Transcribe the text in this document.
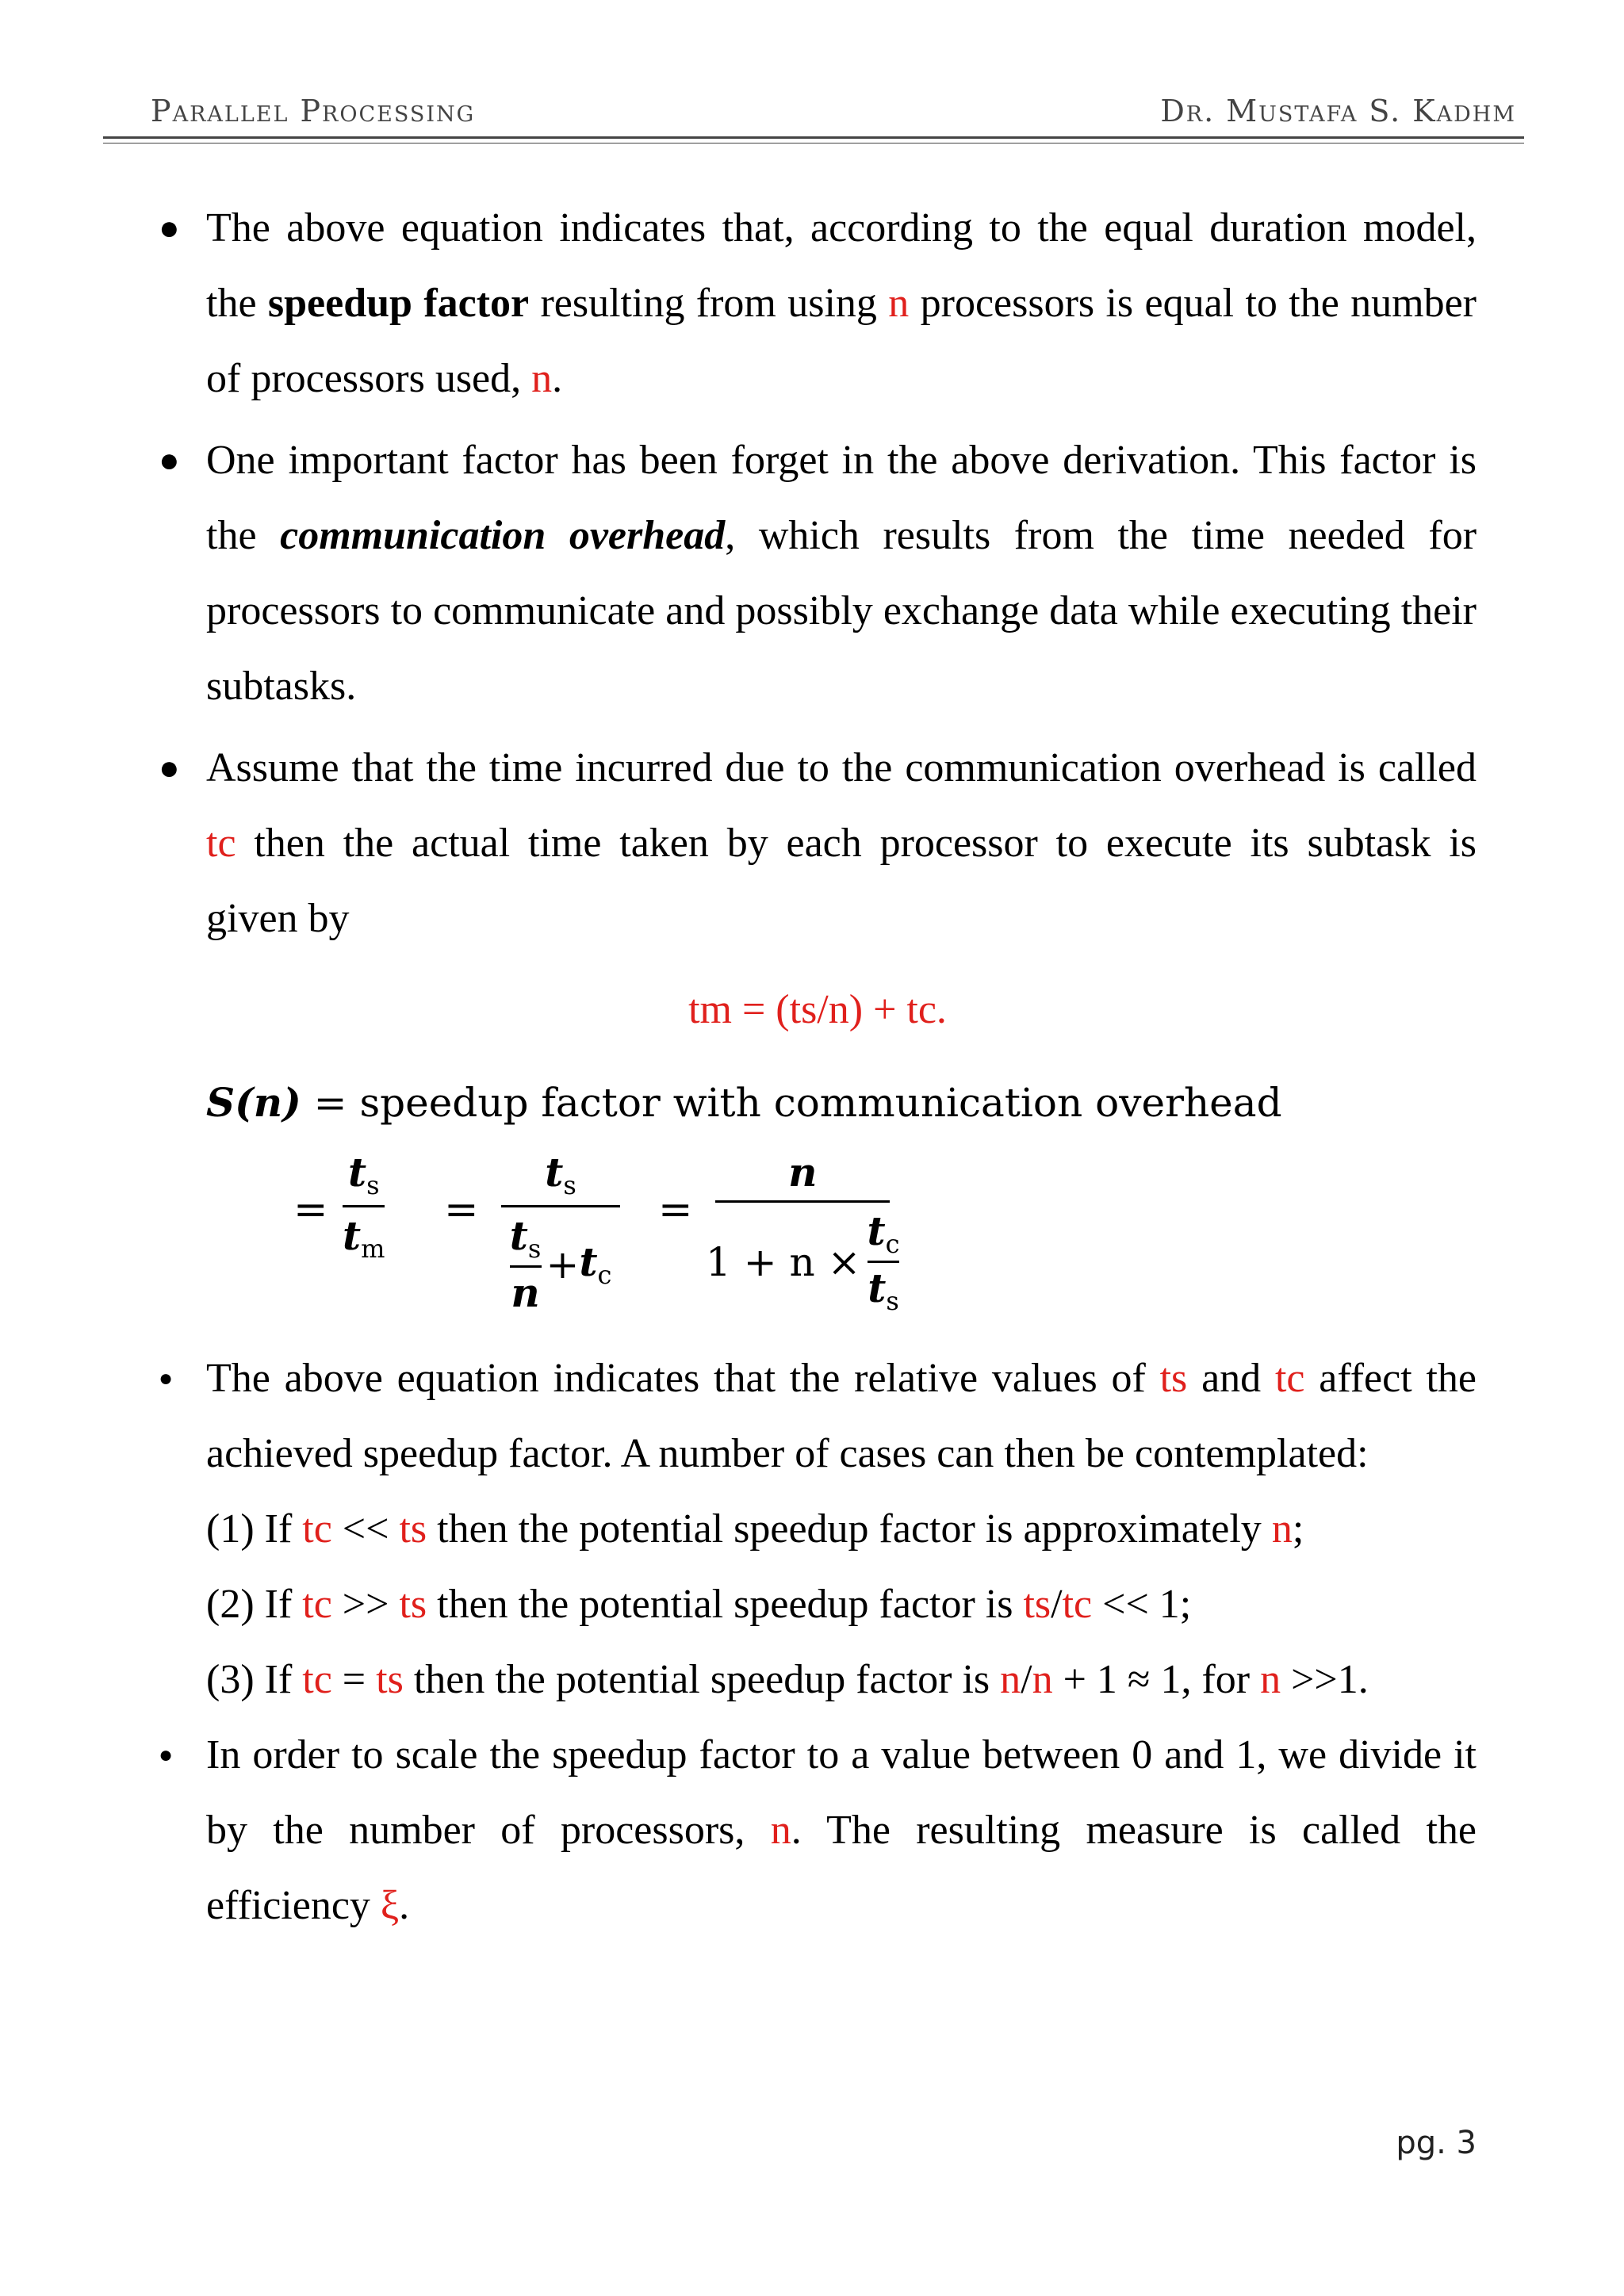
Parallel Processing	Dr. Mustafa S. Kadhm
● The above equation indicates that, according to the equal duration model, the speedup factor resulting from using n processors is equal to the number of processors used, n.
● One important factor has been forget in the above derivation. This factor is the communication overhead, which results from the time needed for processors to communicate and possibly exchange data while executing their subtasks.
● Assume that the time incurred due to the communication overhead is called tc then the actual time taken by each processor to execute its subtask is given by
tm = (ts/n) + tc.
S(n) = speedup factor with communication overhead
=
$t_s$
$t_m$
=
$t_s$
$t_s$
n
+ $t_c$
=
n
1 + n ×
$t_c$
$t_s$
● The above equation indicates that the relative values of ts and tc affect the achieved speedup factor. A number of cases can then be contemplated:
(1) If tc << ts then the potential speedup factor is approximately n;
(2) If tc >> ts then the potential speedup factor is ts/tc << 1;
(3) If tc = ts then the potential speedup factor is n/n + 1 ≈ 1, for n >>1.
● In order to scale the speedup factor to a value between 0 and 1, we divide it by the number of processors, n. The resulting measure is called the efficiency ξ.
pg. 3
